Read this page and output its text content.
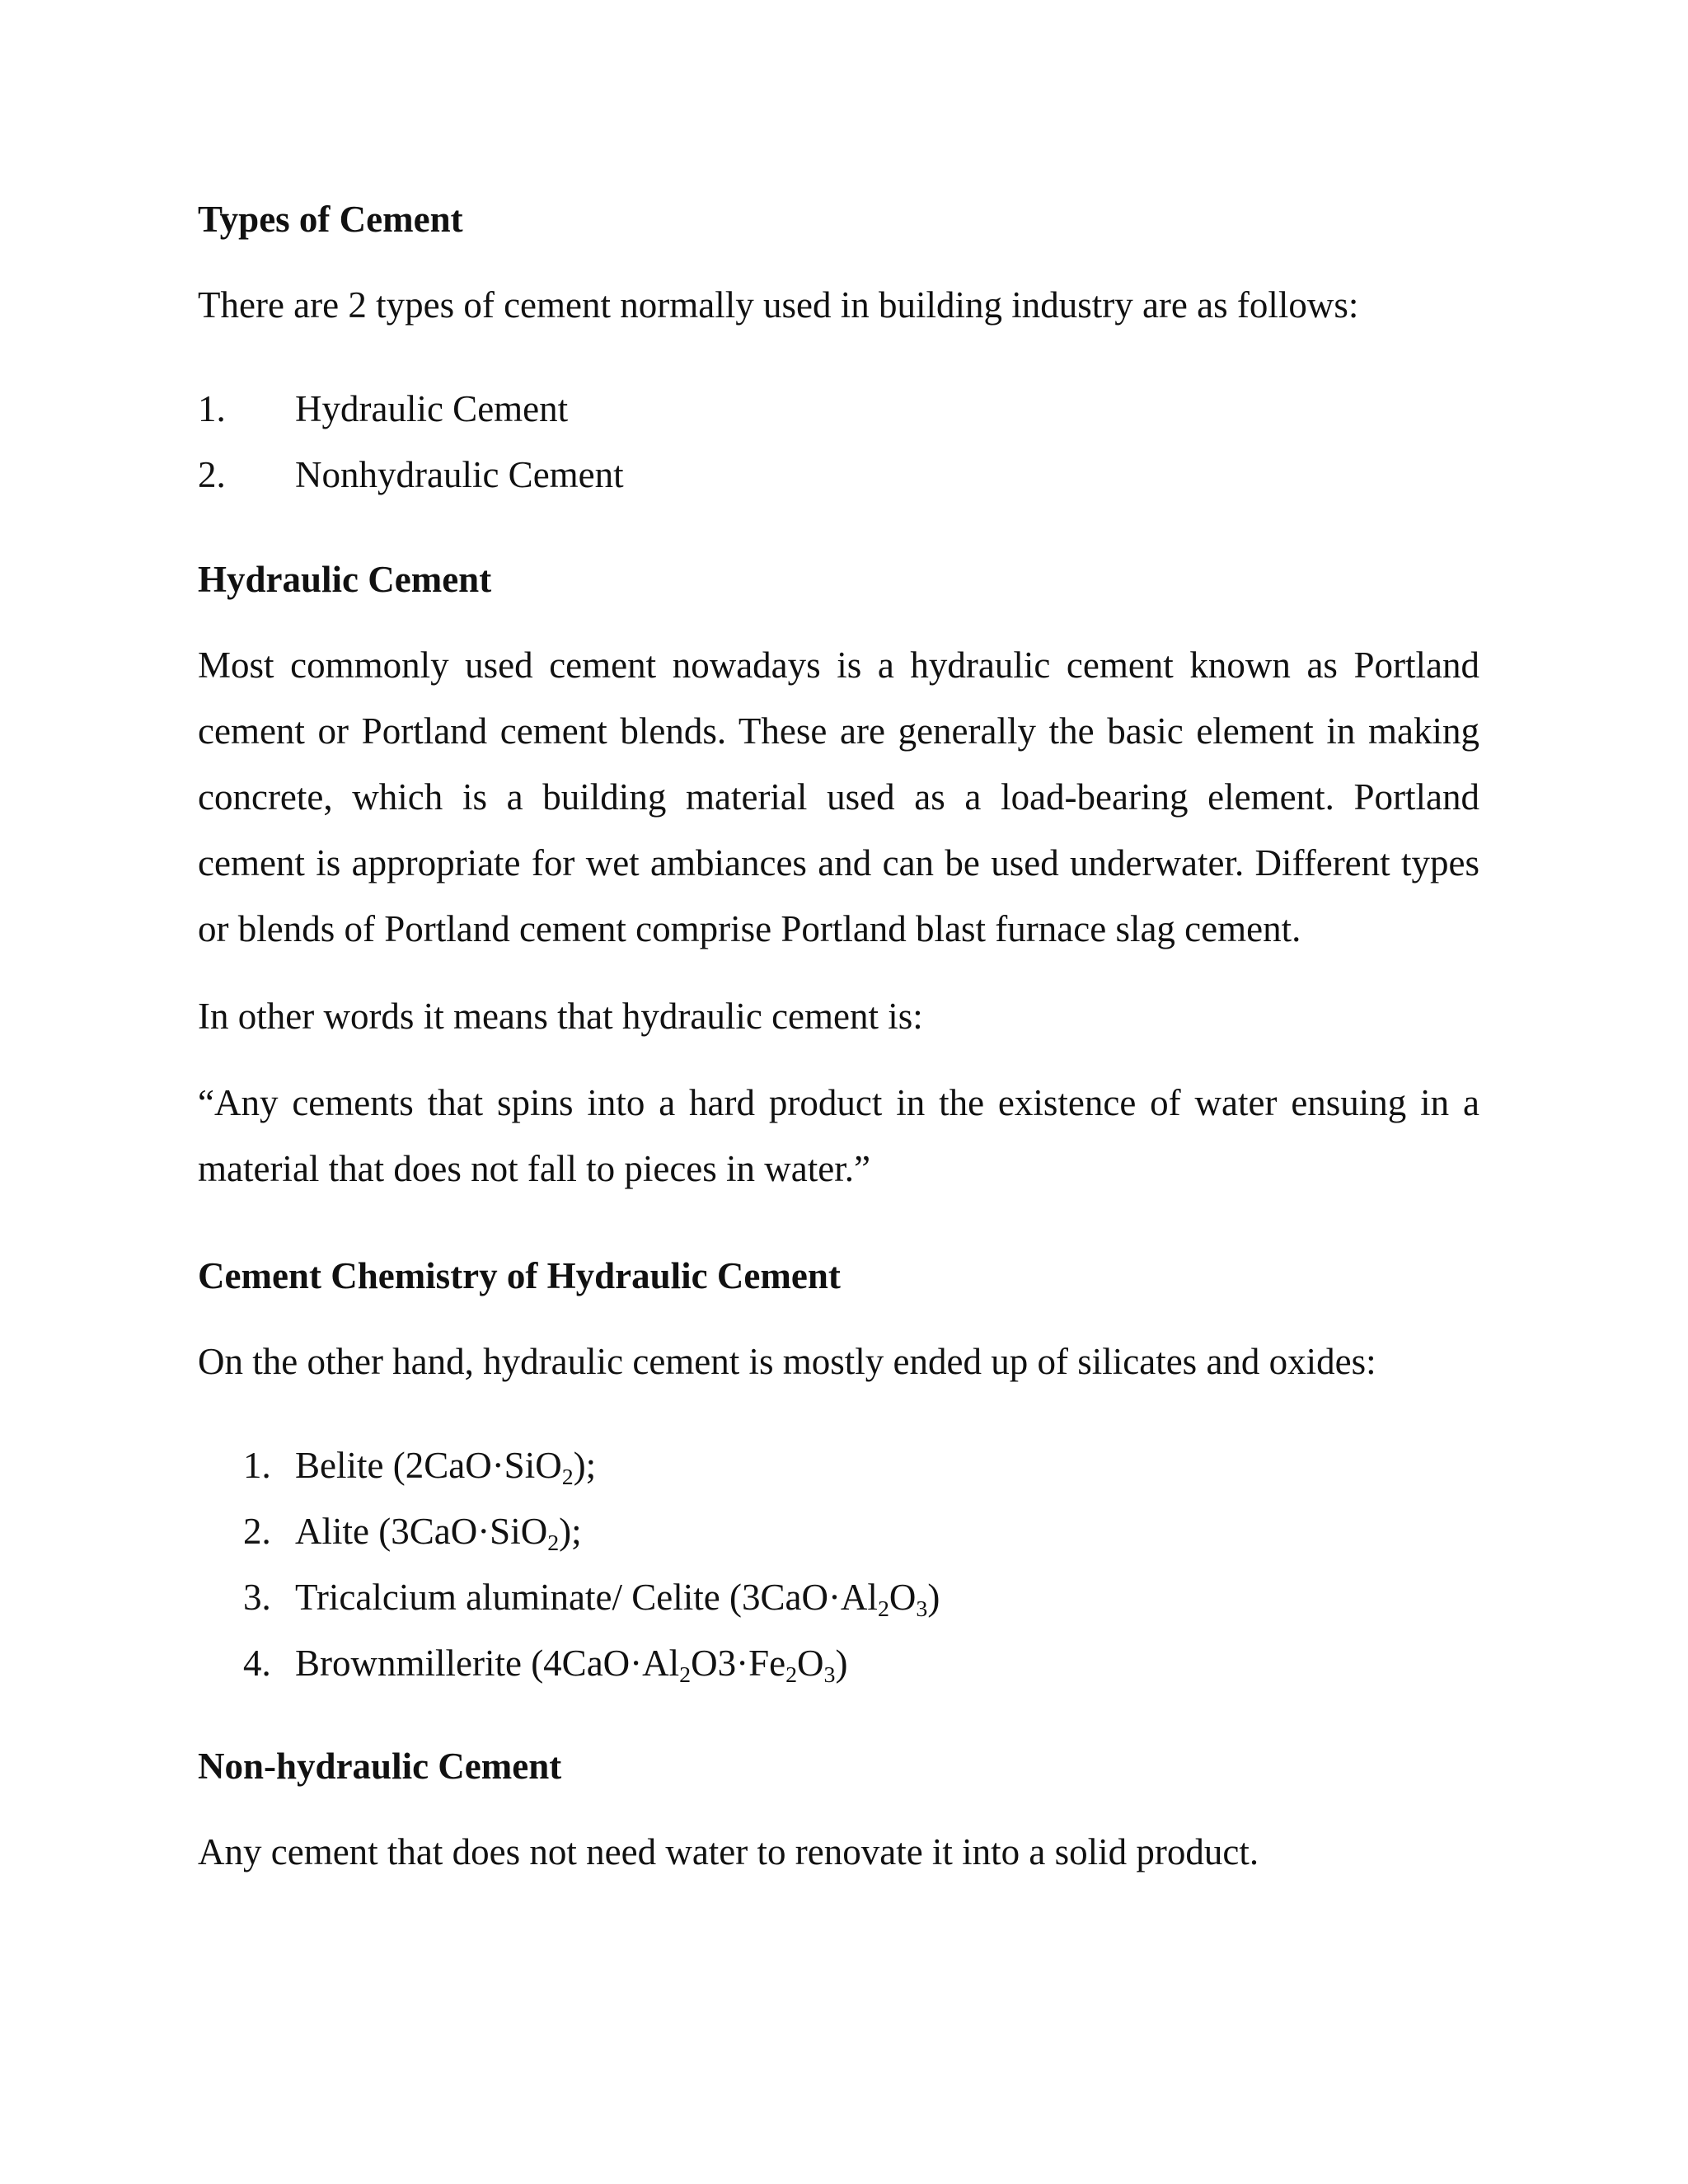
Types of Cement

There are 2 types of cement normally used in building industry are as follows:

1.	Hydraulic Cement
2.	Nonhydraulic Cement
Hydraulic Cement

Most commonly used cement nowadays is a hydraulic cement known as Portland cement or Portland cement blends. These are generally the basic element in making concrete, which is a building material used as a load-bearing element. Portland cement is appropriate for wet ambiances and can be used underwater. Different types or blends of Portland cement comprise Portland blast furnace slag cement.

In other words it means that hydraulic cement is:

“Any cements that spins into a hard product in the existence of water ensuing in a material that does not fall to pieces in water.”

Cement Chemistry of Hydraulic Cement

On the other hand, hydraulic cement is mostly ended up of silicates and oxides:

1. Belite (2CaO·SiO$_2$);
2. Alite (3CaO·SiO$_2$);
3. Tricalcium aluminate/ Celite $(3CaO\cdot Al_2O_3)$
4. Brownmillerite $(4CaO\cdot Al_2O3\cdot Fe_2O_3)$
Non-hydraulic Cement

Any cement that does not need water to renovate it into a solid product.
